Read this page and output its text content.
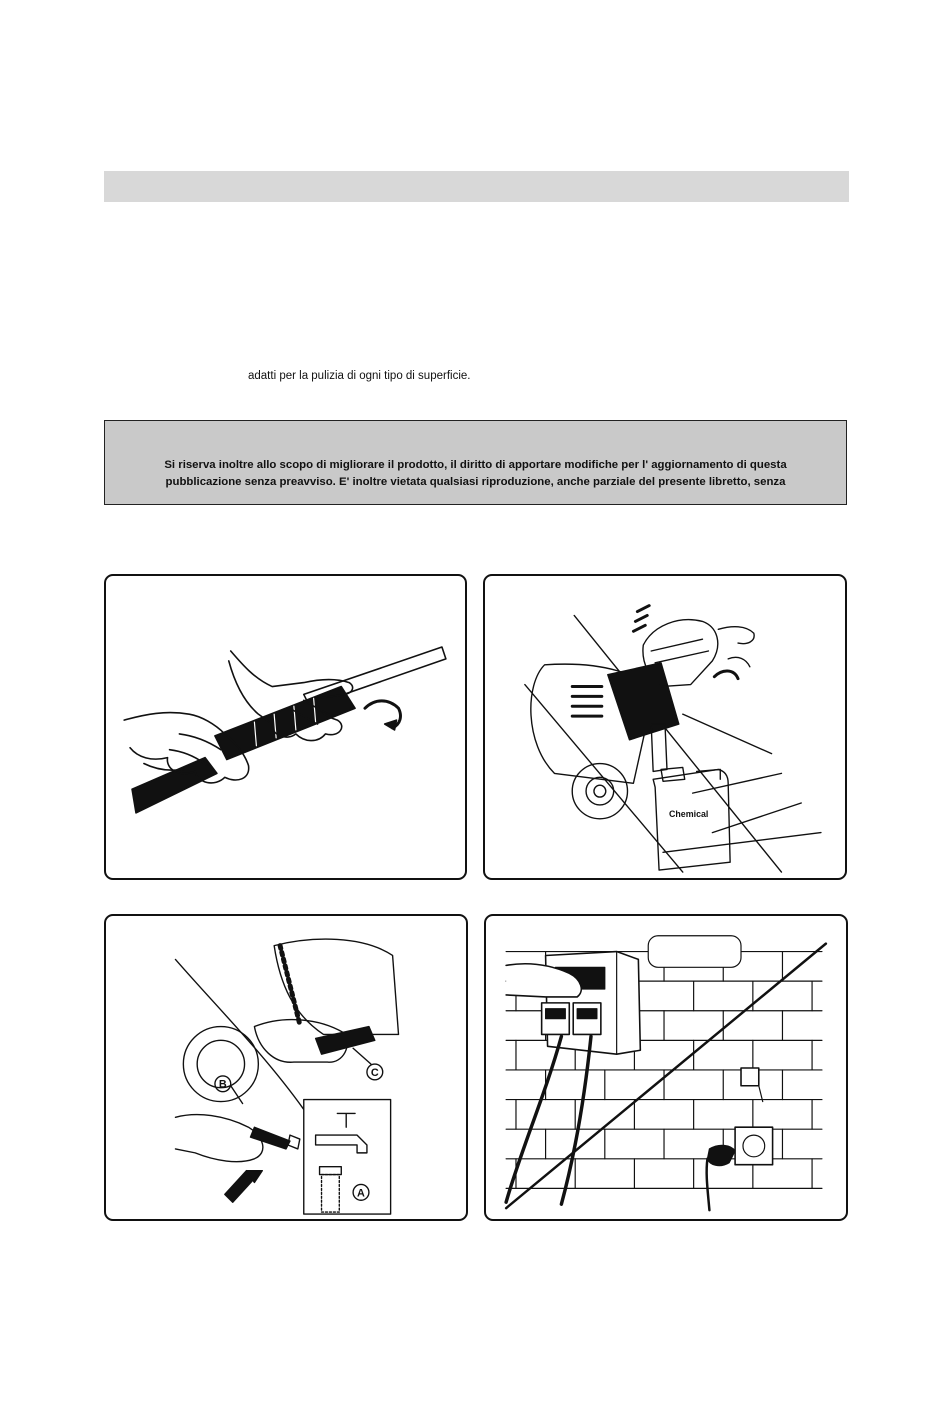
adatti per la pulizia di ogni tipo di superficie.
Si riserva inoltre allo scopo di migliorare il prodotto, il diritto di apportare modifiche per l' aggiornamento di questa
pubblicazione senza preavviso. E' inoltre vietata qualsiasi riproduzione, anche parziale del presente libretto, senza
Chemical
C
B
A
